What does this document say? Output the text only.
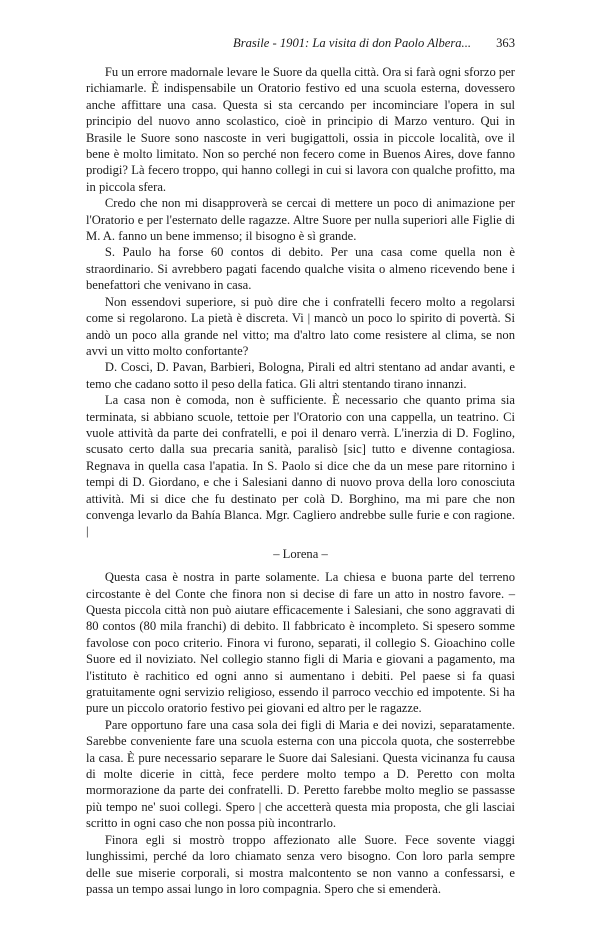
Brasile - 1901: La visita di don Paolo Albera... 363

Fu un errore madornale levare le Suore da quella città. Ora si farà ogni sforzo per richiamarle. È indispensabile un Oratorio festivo ed una scuola esterna, dovessero anche affittare una casa. Questa si sta cercando per incominciare l'opera in sul principio del nuovo anno scolastico, cioè in principio di Marzo venturo. Qui in Brasile le Suore sono nascoste in veri bugigattoli, ossia in piccole località, ove il bene è molto limitato. Non so perché non fecero come in Buenos Aires, dove fanno prodigi? Là fecero troppo, qui hanno collegi in cui si lavora con qualche profitto, ma in piccola sfera.

Credo che non mi disapproverà se cercai di mettere un poco di animazione per l'Oratorio e per l'esternato delle ragazze. Altre Suore per nulla superiori alle Figlie di M. A. fanno un bene immenso; il bisogno è sì grande.

S. Paulo ha forse 60 contos di debito. Per una casa come quella non è straordinario. Si avrebbero pagati facendo qualche visita o almeno ricevendo bene i benefattori che venivano in casa.

Non essendovi superiore, si può dire che i confratelli fecero molto a regolarsi come si regolarono. La pietà è discreta. Vi | mancò un poco lo spirito di povertà. Si andò un poco alla grande nel vitto; ma d'altro lato come resistere al clima, se non avvi un vitto molto confortante?

D. Cosci, D. Pavan, Barbieri, Bologna, Pirali ed altri stentano ad andar avanti, e temo che cadano sotto il peso della fatica. Gli altri stentando tirano innanzi.

La casa non è comoda, non è sufficiente. È necessario che quanto prima sia terminata, si abbiano scuole, tettoie per l'Oratorio con una cappella, un teatrino. Ci vuole attività da parte dei confratelli, e poi il denaro verrà. L'inerzia di D. Foglino, scusato certo dalla sua precaria sanità, paralisò [sic] tutto e divenne contagiosa. Regnava in quella casa l'apatia. In S. Paolo si dice che da un mese pare ritornino i tempi di D. Giordano, e che i Salesiani danno di nuovo prova della loro conosciuta attività. Mi si dice che fu destinato per colà D. Borghino, ma mi pare che non convenga levarlo da Bahía Blanca. Mgr. Cagliero andrebbe sulle furie e con ragione. |

– Lorena –

Questa casa è nostra in parte solamente. La chiesa e buona parte del terreno circostante è del Conte che finora non si decise di fare un atto in nostro favore. – Questa piccola città non può aiutare efficacemente i Salesiani, che sono aggravati di 80 contos (80 mila franchi) di debito. Il fabbricato è incompleto. Si spesero somme favolose con poco criterio. Finora vi furono, separati, il collegio S. Gioachino colle Suore ed il noviziato. Nel collegio stanno figli di Maria e giovani a pagamento, ma l'istituto è rachitico ed ogni anno si aumentano i debiti. Pel paese si fa quasi gratuitamente ogni servizio religioso, essendo il parroco vecchio ed impotente. Si ha pure un piccolo oratorio festivo pei giovani ed altro per le ragazze.

Pare opportuno fare una casa sola dei figli di Maria e dei novizi, separatamente. Sarebbe conveniente fare una scuola esterna con una piccola quota, che sosterrebbe la casa. È pure necessario separare le Suore dai Salesiani. Questa vicinanza fu causa di molte dicerie in città, fece perdere molto tempo a D. Peretto con molta mormorazione da parte dei confratelli. D. Peretto farebbe molto meglio se passasse più tempo ne' suoi collegi. Spero | che accetterà questa mia proposta, che gli lasciai scritto in ogni caso che non possa più incontrarlo.

Finora egli si mostrò troppo affezionato alle Suore. Fece sovente viaggi lunghissimi, perché da loro chiamato senza vero bisogno. Con loro parla sempre delle sue miserie corporali, si mostra malcontento se non vanno a confessarsi, e passa un tempo assai lungo in loro compagnia. Spero che si emenderà.
